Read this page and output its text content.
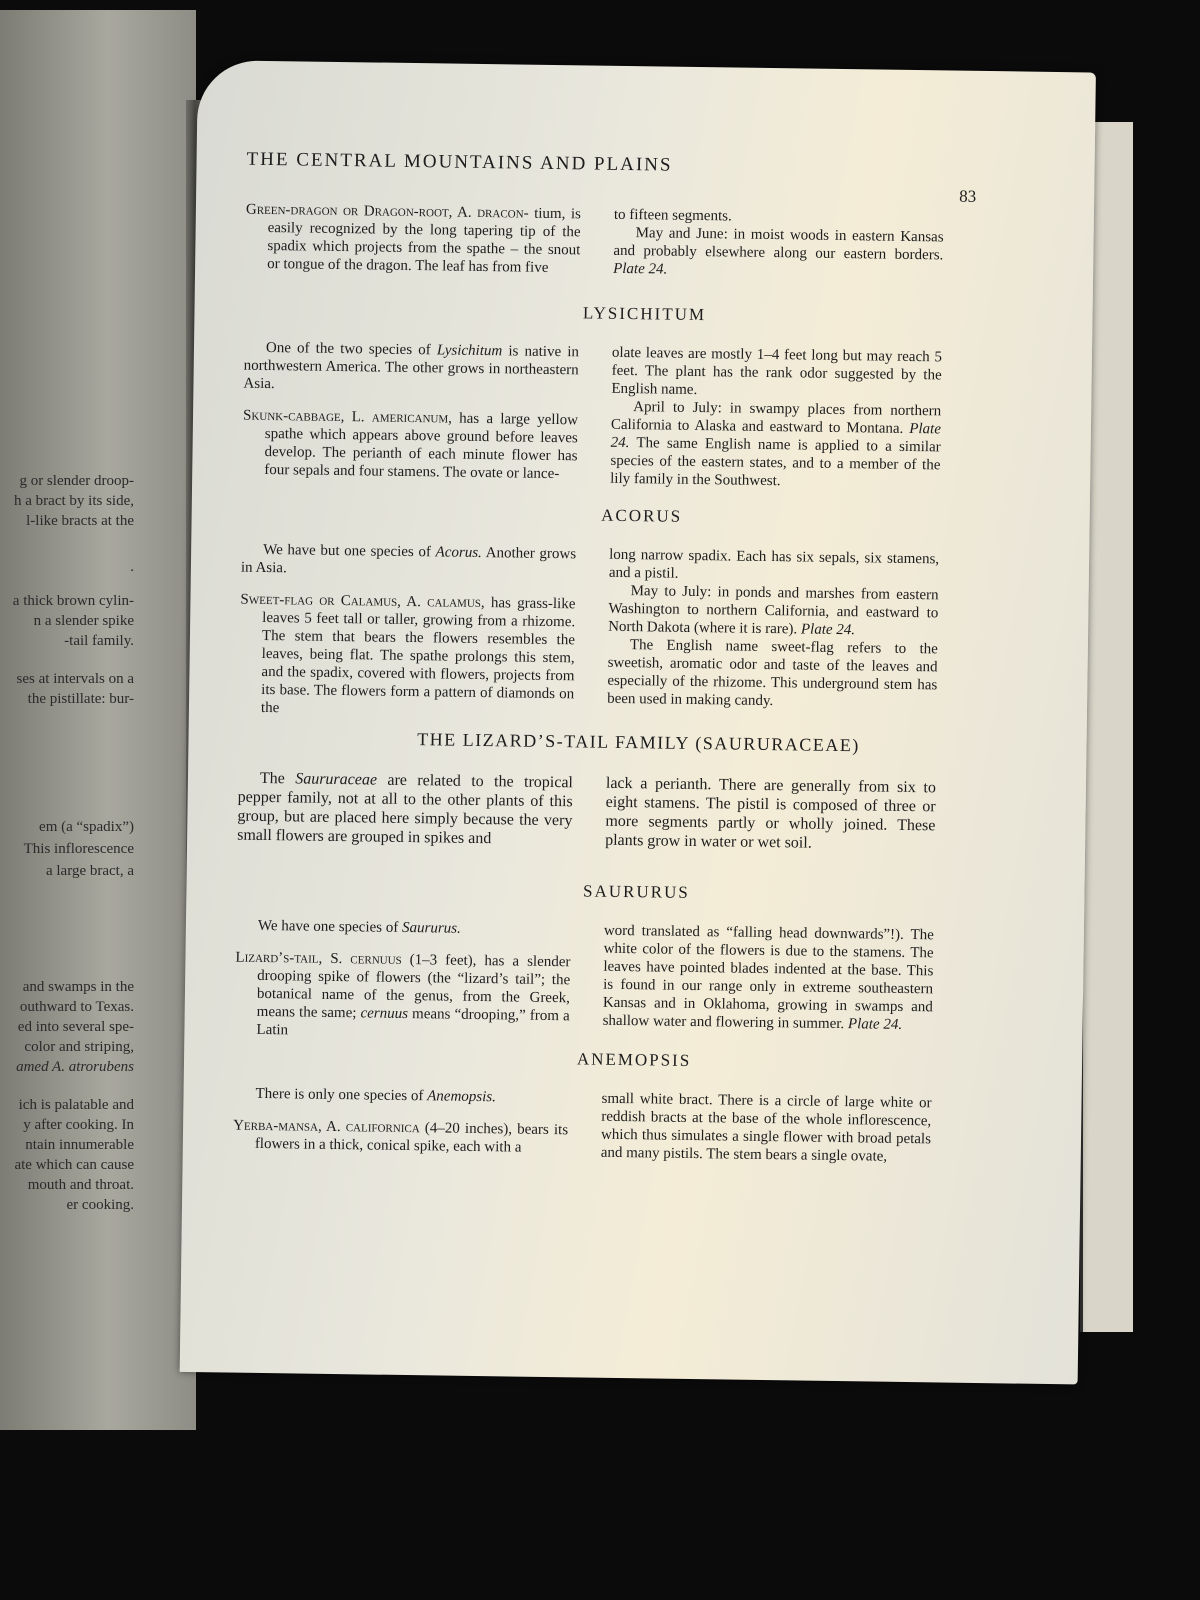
g or slender droop-
h a bract by its side,
l-like bracts at the
.
a thick brown cylin-
n a slender spike
-tail family.
ses at intervals on a
the pistillate: bur-
em (a “spadix”)
This inflorescence
a large bract, a
and swamps in the
outhward to Texas.
ed into several spe-
color and striping,
amed A. atrorubens
ich is palatable and
y after cooking. In
ntain innumerable
ate which can cause
mouth and throat.
er cooking.
THE CENTRAL MOUNTAINS AND PLAINS
83

Green-dragon or Dragon-root, A. dracon- tium, is easily recognized by the long tapering tip of the spadix which projects from the spathe – the snout or tongue of the dragon. The leaf has from five

to fifteen segments.

May and June: in moist woods in eastern Kansas and probably elsewhere along our eastern borders. Plate 24.

LYSICHITUM

One of the two species of Lysichitum is native in northwestern America. The other grows in northeastern Asia.

Skunk-cabbage, L. americanum, has a large yellow spathe which appears above ground before leaves develop. The perianth of each minute flower has four sepals and four stamens. The ovate or lance-

olate leaves are mostly 1–4 feet long but may reach 5 feet. The plant has the rank odor suggested by the English name.

April to July: in swampy places from northern California to Alaska and eastward to Montana. Plate 24. The same English name is applied to a similar species of the eastern states, and to a member of the lily family in the Southwest.

ACORUS

We have but one species of Acorus. Another grows in Asia.

Sweet-flag or Calamus, A. calamus, has grass-like leaves 5 feet tall or taller, growing from a rhizome. The stem that bears the flowers resembles the leaves, being flat. The spathe prolongs this stem, and the spadix, covered with flowers, projects from its base. The flowers form a pattern of diamonds on the

long narrow spadix. Each has six sepals, six stamens, and a pistil.

May to July: in ponds and marshes from eastern Washington to northern California, and eastward to North Dakota (where it is rare). Plate 24.

The English name sweet-flag refers to the sweetish, aromatic odor and taste of the leaves and especially of the rhizome. This underground stem has been used in making candy.

THE LIZARD’S-TAIL FAMILY (SAURURACEAE)

The Saururaceae are related to the tropical pepper family, not at all to the other plants of this group, but are placed here simply because the very small flowers are grouped in spikes and

lack a perianth. There are generally from six to eight stamens. The pistil is composed of three or more segments partly or wholly joined. These plants grow in water or wet soil.

SAURURUS

We have one species of Saururus.

Lizard’s-tail, S. cernuus (1–3 feet), has a slender drooping spike of flowers (the “lizard’s tail”; the botanical name of the genus, from the Greek, means the same; cernuus means “drooping,” from a Latin

word translated as “falling head downwards”!). The white color of the flowers is due to the stamens. The leaves have pointed blades indented at the base. This is found in our range only in extreme southeastern Kansas and in Oklahoma, growing in swamps and shallow water and flowering in summer. Plate 24.

ANEMOPSIS

There is only one species of Anemopsis.

Yerba-mansa, A. californica (4–20 inches), bears its flowers in a thick, conical spike, each with a

small white bract. There is a circle of large white or reddish bracts at the base of the whole inflorescence, which thus simulates a single flower with broad petals and many pistils. The stem bears a single ovate,
